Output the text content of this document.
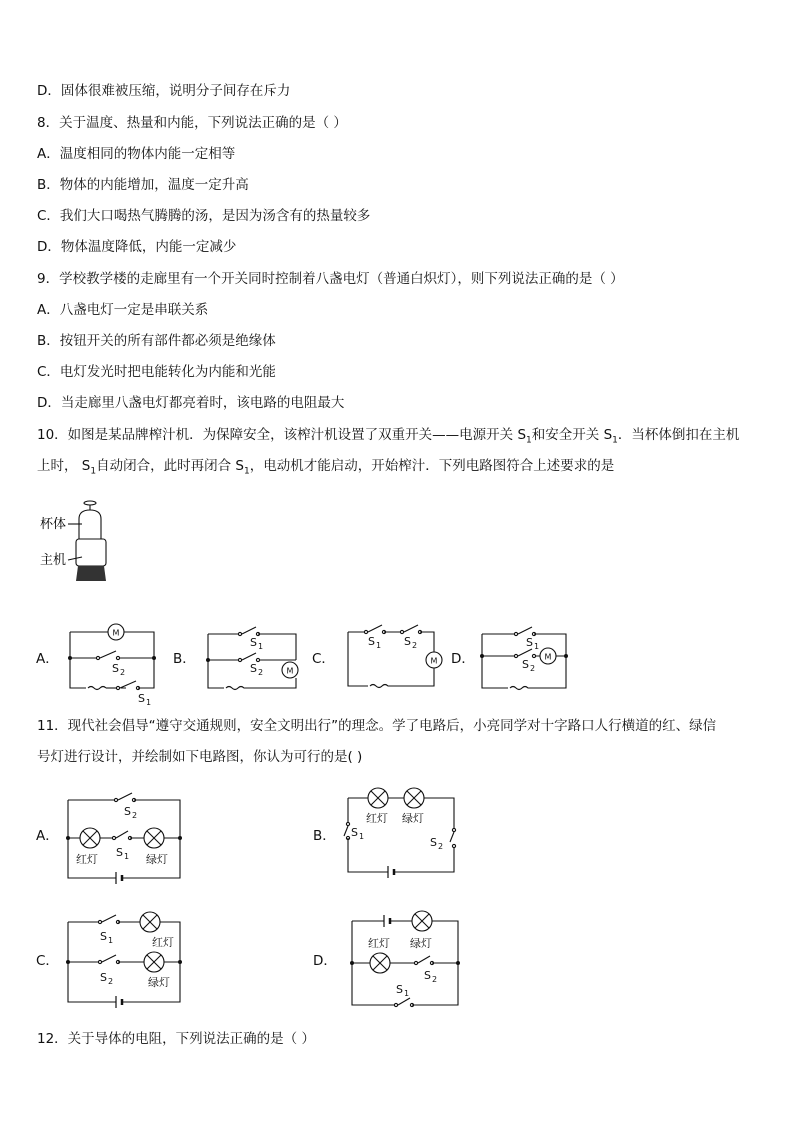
D．固体很难被压缩，说明分子间存在斥力
8．关于温度、热量和内能，下列说法正确的是（ ）
A．温度相同的物体内能一定相等
B．物体的内能增加，温度一定升高
C．我们大口喝热气腾腾的汤，是因为汤含有的热量较多
D．物体温度降低，内能一定减少
9．学校教学楼的走廊里有一个开关同时控制着八盏电灯（普通白炽灯），则下列说法正确的是（ ）
A．八盏电灯一定是串联关系
B．按钮开关的所有部件都必须是绝缘体
C．电灯发光时把电能转化为内能和光能
D．当走廊里八盏电灯都亮着时，该电路的电阻最大
10．如图是某品牌榨汁机．为保障安全，该榨汁机设置了双重开关——电源开关 $S_1$和安全开关 $S_1$．当杯体倒扣在主机
上时， $S_1$自动闭合，此时再闭合 $S_1$，电动机才能启动，开始榨汁．下列电路图符合上述要求的是
杯体
主机
A．	B．	C．	D．
M
S 1
S 2
S 1
S 2	M
S 1 S 2
M
S 1
S 2
M
11．现代社会倡导“遵守交通规则，安全文明出行”的理念。学了电路后，小亮同学对十字路口人行横道的红、绿信
号灯进行设计，并绘制如下电路图，你认为可行的是( )
A．	B．
C．	D．
S 2
红灯
S 1 绿灯
红灯 绿灯
S 1	S 2
S 1	红灯
S 2	绿灯
红灯 绿灯
S 2
S 1
12．关于导体的电阻，下列说法正确的是（ ）
